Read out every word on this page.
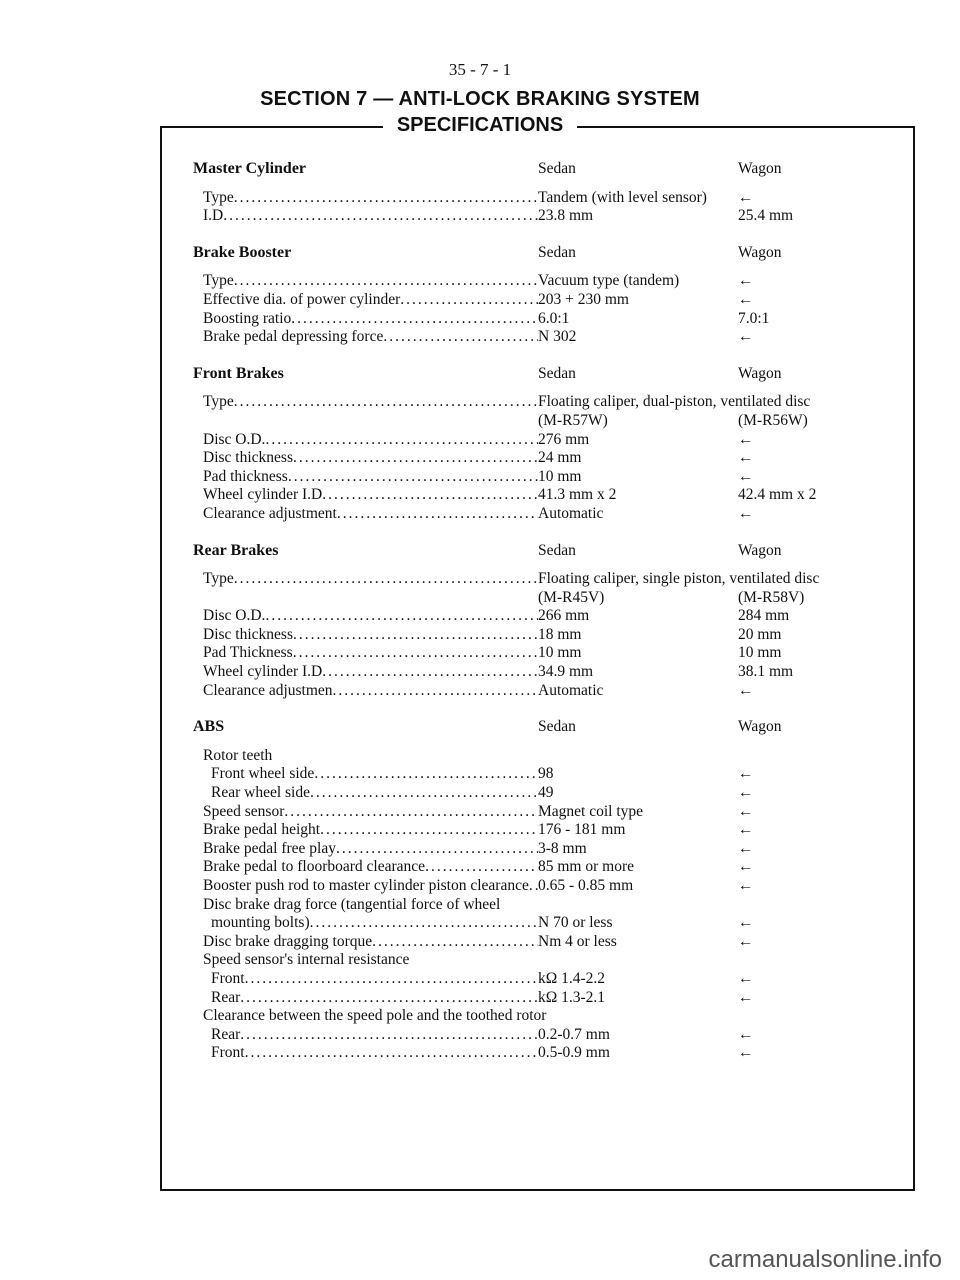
35 - 7 - 1
SECTION 7 — ANTI-LOCK BRAKING SYSTEM
SPECIFICATIONS
Master Cylinder	Sedan	Wagon
Type .....	Tandem (with level sensor)	←
I.D .....	23.8 mm	25.4 mm
Brake Booster	Sedan	Wagon
Type .....	Vacuum type (tandem)	←
Effective dia. of power cylinder .....	203 + 230 mm	←
Boosting ratio .....	6.0:1	7.0:1
Brake pedal depressing force .....	N 302	←
Front Brakes	Sedan	Wagon
Type .....	Floating caliper, dual-piston, ventilated disc
(M-R57W)	(M-R56W)
Disc O.D. .....	276 mm	←
Disc thickness .....	24 mm	←
Pad thickness .....	10 mm	←
Wheel cylinder I.D .....	41.3 mm x 2	42.4 mm x 2
Clearance adjustment .....	Automatic	←
Rear Brakes	Sedan	Wagon
Type .....	Floating caliper, single piston, ventilated disc
(M-R45V)	(M-R58V)
Disc O.D. .....	266 mm	284 mm
Disc thickness .....	18 mm	20 mm
Pad Thickness .....	10 mm	10 mm
Wheel cylinder I.D .....	34.9 mm	38.1 mm
Clearance adjustmen .....	Automatic	←
ABS	Sedan	Wagon
Rotor teeth
Front wheel side .....	98	←
Rear wheel side .....	49	←
Speed sensor .....	Magnet coil type	←
Brake pedal height .....	176 - 181 mm	←
Brake pedal free play .....	3-8 mm	←
Brake pedal to floorboard clearance .....	85 mm or more	←
Booster push rod to master cylinder piston clearance ..... 0.65 - 0.85 mm	←
Disc brake drag force (tangential force of wheel
mounting bolts) .....	N 70 or less	←
Disc brake dragging torque .....	Nm 4 or less	←
Speed sensor's internal resistance
Front .....	kΩ 1.4-2.2	←
Rear .....	kΩ 1.3-2.1	←
Clearance between the speed pole and the toothed rotor
Rear .....	0.2-0.7 mm	←
Front .....	0.5-0.9 mm	←
carmanualsonline.info
